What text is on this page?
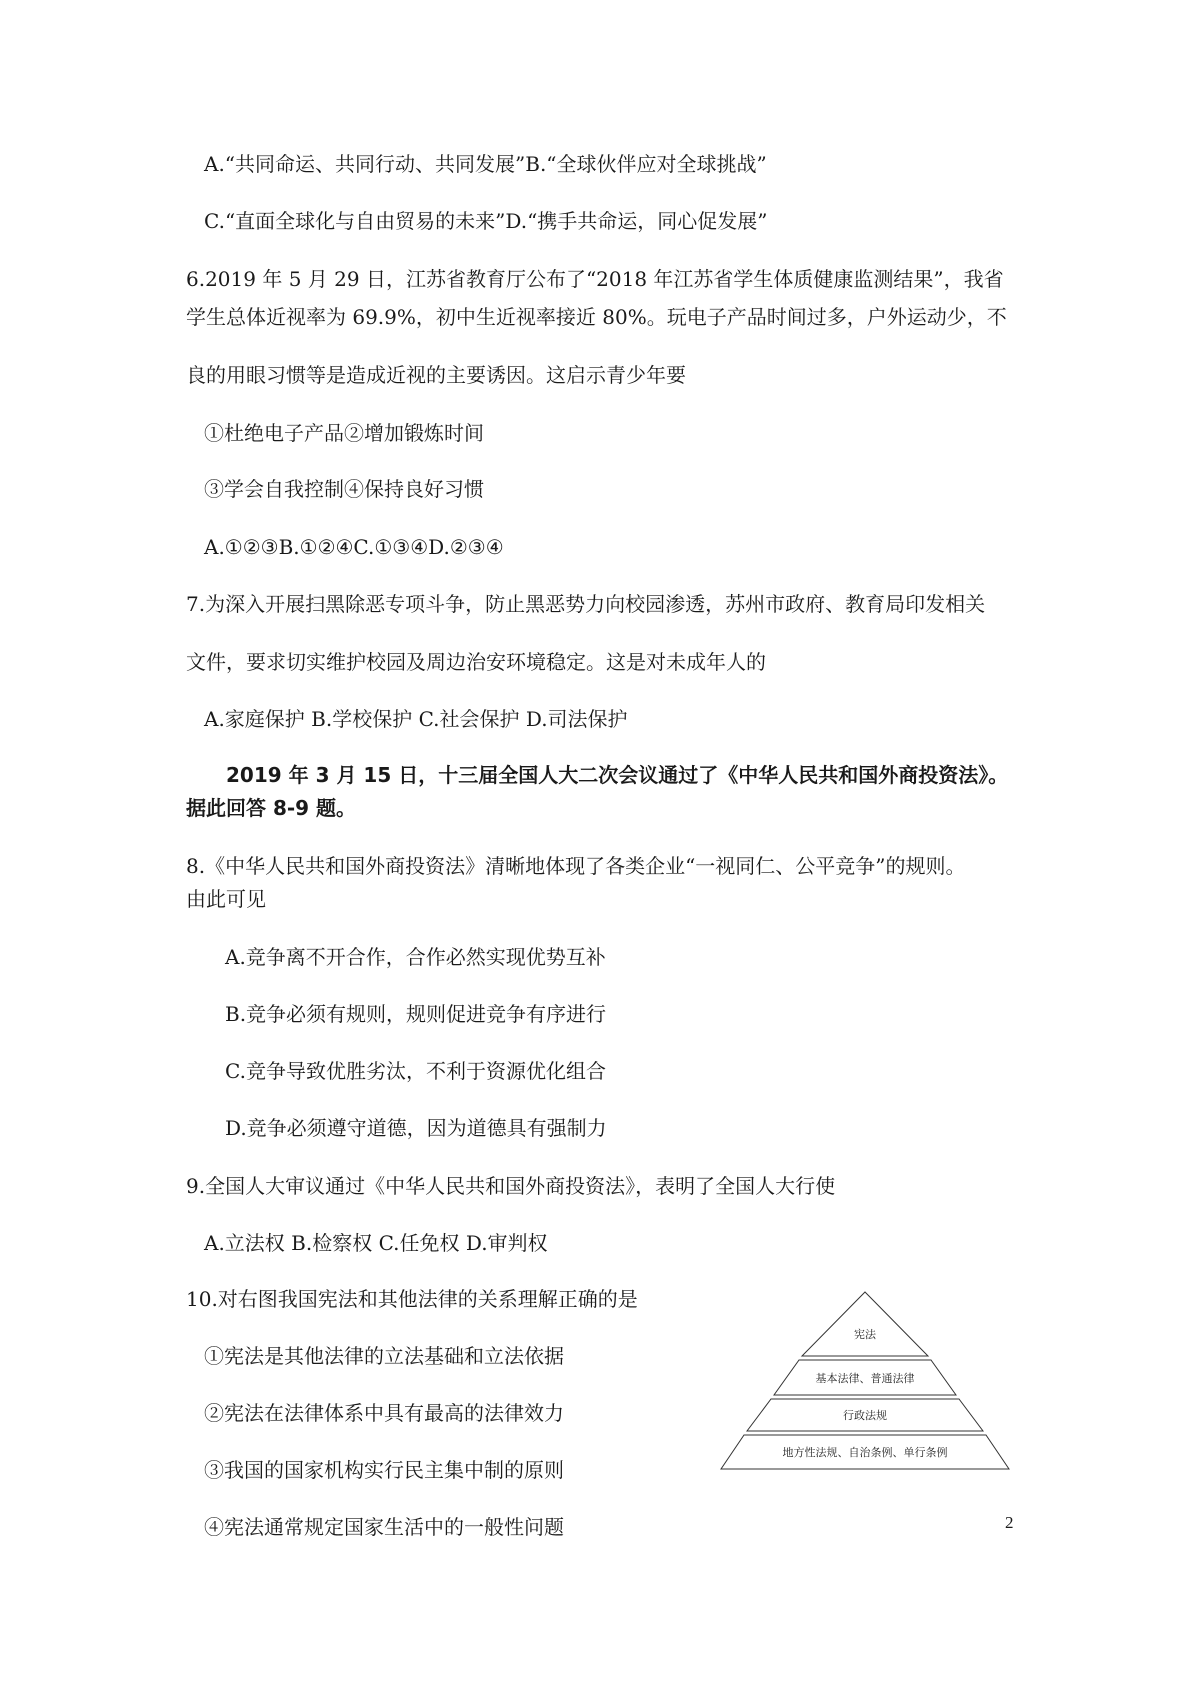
A.“共同命运、共同行动、共同发展”B.“全球伙伴应对全球挑战”
C.“直面全球化与自由贸易的未来”D.“携手共命运，同心促发展”
6.2019 年 5 月 29 日，江苏省教育厅公布了“2018 年江苏省学生体质健康监测结果”，我省
学生总体近视率为 69.9%，初中生近视率接近 80%。玩电子产品时间过多，户外运动少，不
良的用眼习惯等是造成近视的主要诱因。这启示青少年要
①杜绝电子产品②增加锻炼时间
③学会自我控制④保持良好习惯
A.①②③B.①②④C.①③④D.②③④
7.为深入开展扫黑除恶专项斗争，防止黑恶势力向校园渗透，苏州市政府、教育局印发相关
文件，要求切实维护校园及周边治安环境稳定。这是对未成年人的
A.家庭保护 B.学校保护 C.社会保护 D.司法保护
2019 年 3 月 15 日，十三届全国人大二次会议通过了《中华人民共和国外商投资法》。
据此回答 8-9 题。
8.《中华人民共和国外商投资法》清晰地体现了各类企业“一视同仁、公平竞争”的规则。
由此可见
A.竞争离不开合作，合作必然实现优势互补
B.竞争必须有规则，规则促进竞争有序进行
C.竞争导致优胜劣汰，不利于资源优化组合
D.竞争必须遵守道德，因为道德具有强制力
9.全国人大审议通过《中华人民共和国外商投资法》，表明了全国人大行使
A.立法权 B.检察权 C.任免权 D.审判权
10.对右图我国宪法和其他法律的关系理解正确的是
①宪法是其他法律的立法基础和立法依据
②宪法在法律体系中具有最高的法律效力
③我国的国家机构实行民主集中制的原则
④宪法通常规定国家生活中的一般性问题
宪法
基本法律、普通法律
行政法规
地方性法规、自治条例、单行条例
2
